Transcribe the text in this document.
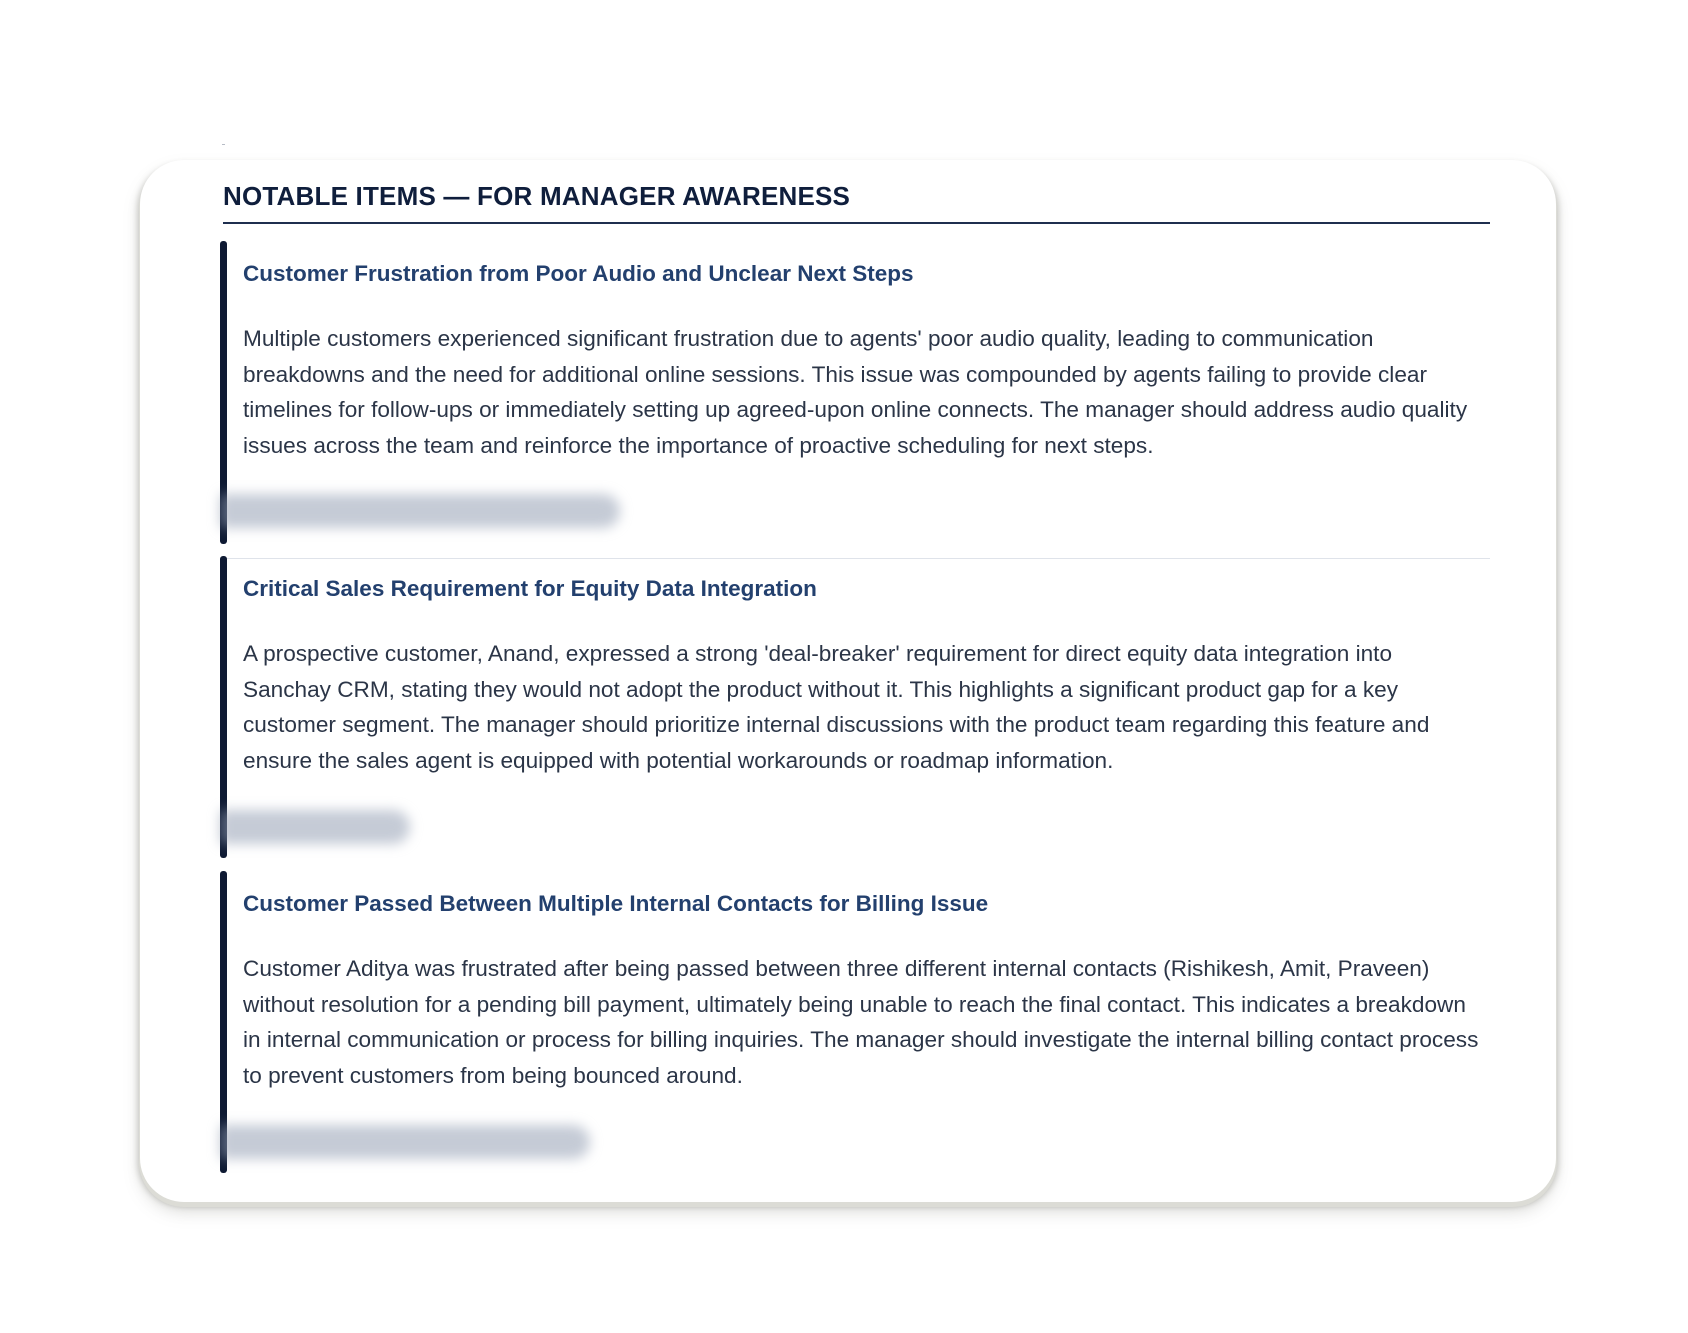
NOTABLE ITEMS — FOR MANAGER AWARENESS
Customer Frustration from Poor Audio and Unclear Next Steps

Multiple customers experienced significant frustration due to agents' poor audio quality, leading to communication breakdowns and the need for additional online sessions. This issue was compounded by agents failing to provide clear timelines for follow-ups or immediately setting up agreed-upon online connects. The manager should address audio quality issues across the team and reinforce the importance of proactive scheduling for next steps.

Critical Sales Requirement for Equity Data Integration

A prospective customer, Anand, expressed a strong 'deal-breaker' requirement for direct equity data integration into Sanchay CRM, stating they would not adopt the product without it. This highlights a significant product gap for a key customer segment. The manager should prioritize internal discussions with the product team regarding this feature and ensure the sales agent is equipped with potential workarounds or roadmap information.

Customer Passed Between Multiple Internal Contacts for Billing Issue

Customer Aditya was frustrated after being passed between three different internal contacts (Rishikesh, Amit, Praveen) without resolution for a pending bill payment, ultimately being unable to reach the final contact. This indicates a breakdown in internal communication or process for billing inquiries. The manager should investigate the internal billing contact process to prevent customers from being bounced around.
